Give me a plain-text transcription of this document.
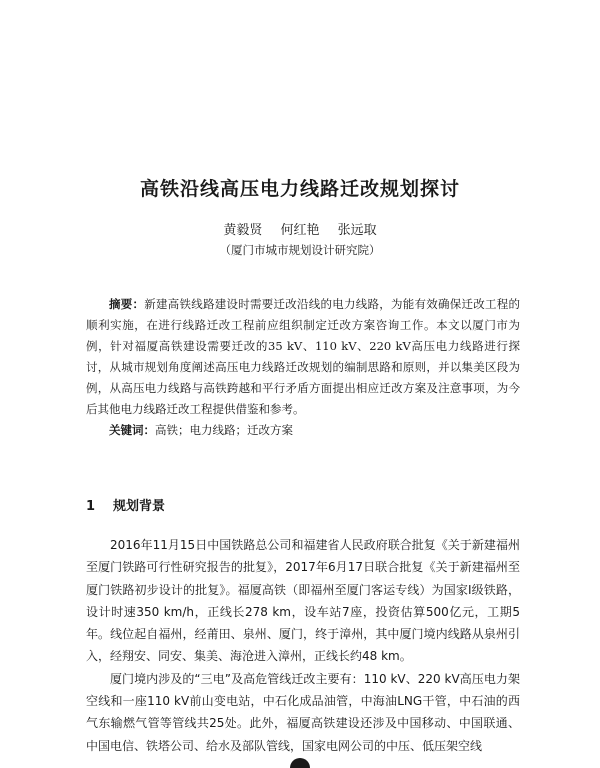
高铁沿线高压电力线路迁改规划探讨
黄毅贤 何红艳 张远取
（厦门市城市规划设计研究院）

摘要：新建高铁线路建设时需要迁改沿线的电力线路，为能有效确保迁改工程的顺利实施，在进行线路迁改工程前应组织制定迁改方案咨询工作。本文以厦门市为例，针对福厦高铁建设需要迁改的35 kV、110 kV、220 kV高压电力线路进行探讨，从城市规划角度阐述高压电力线路迁改规划的编制思路和原则，并以集美区段为例，从高压电力线路与高铁跨越和平行矛盾方面提出相应迁改方案及注意事项，为今后其他电力线路迁改工程提供借鉴和参考。

关键词：高铁；电力线路；迁改方案

1 规划背景

2016年11月15日中国铁路总公司和福建省人民政府联合批复《关于新建福州至厦门铁路可行性研究报告的批复》，2017年6月17日联合批复《关于新建福州至厦门铁路初步设计的批复》。福厦高铁（即福州至厦门客运专线）为国家Ⅰ级铁路，设计时速350 km/h，正线长278 km，设车站7座，投资估算500亿元，工期5年。线位起自福州，经莆田、泉州、厦门，终于漳州，其中厦门境内线路从泉州引入，经翔安、同安、集美、海沧进入漳州，正线长约48 km。

厦门境内涉及的“三电”及高危管线迁改主要有：110 kV、220 kV高压电力架空线和一座110 kV前山变电站，中石化成品油管，中海油LNG干管，中石油的西气东输燃气管等管线共25处。此外，福厦高铁建设还涉及中国移动、中国联通、中国电信、铁塔公司、给水及部队管线，国家电网公司的中压、低压架空线
